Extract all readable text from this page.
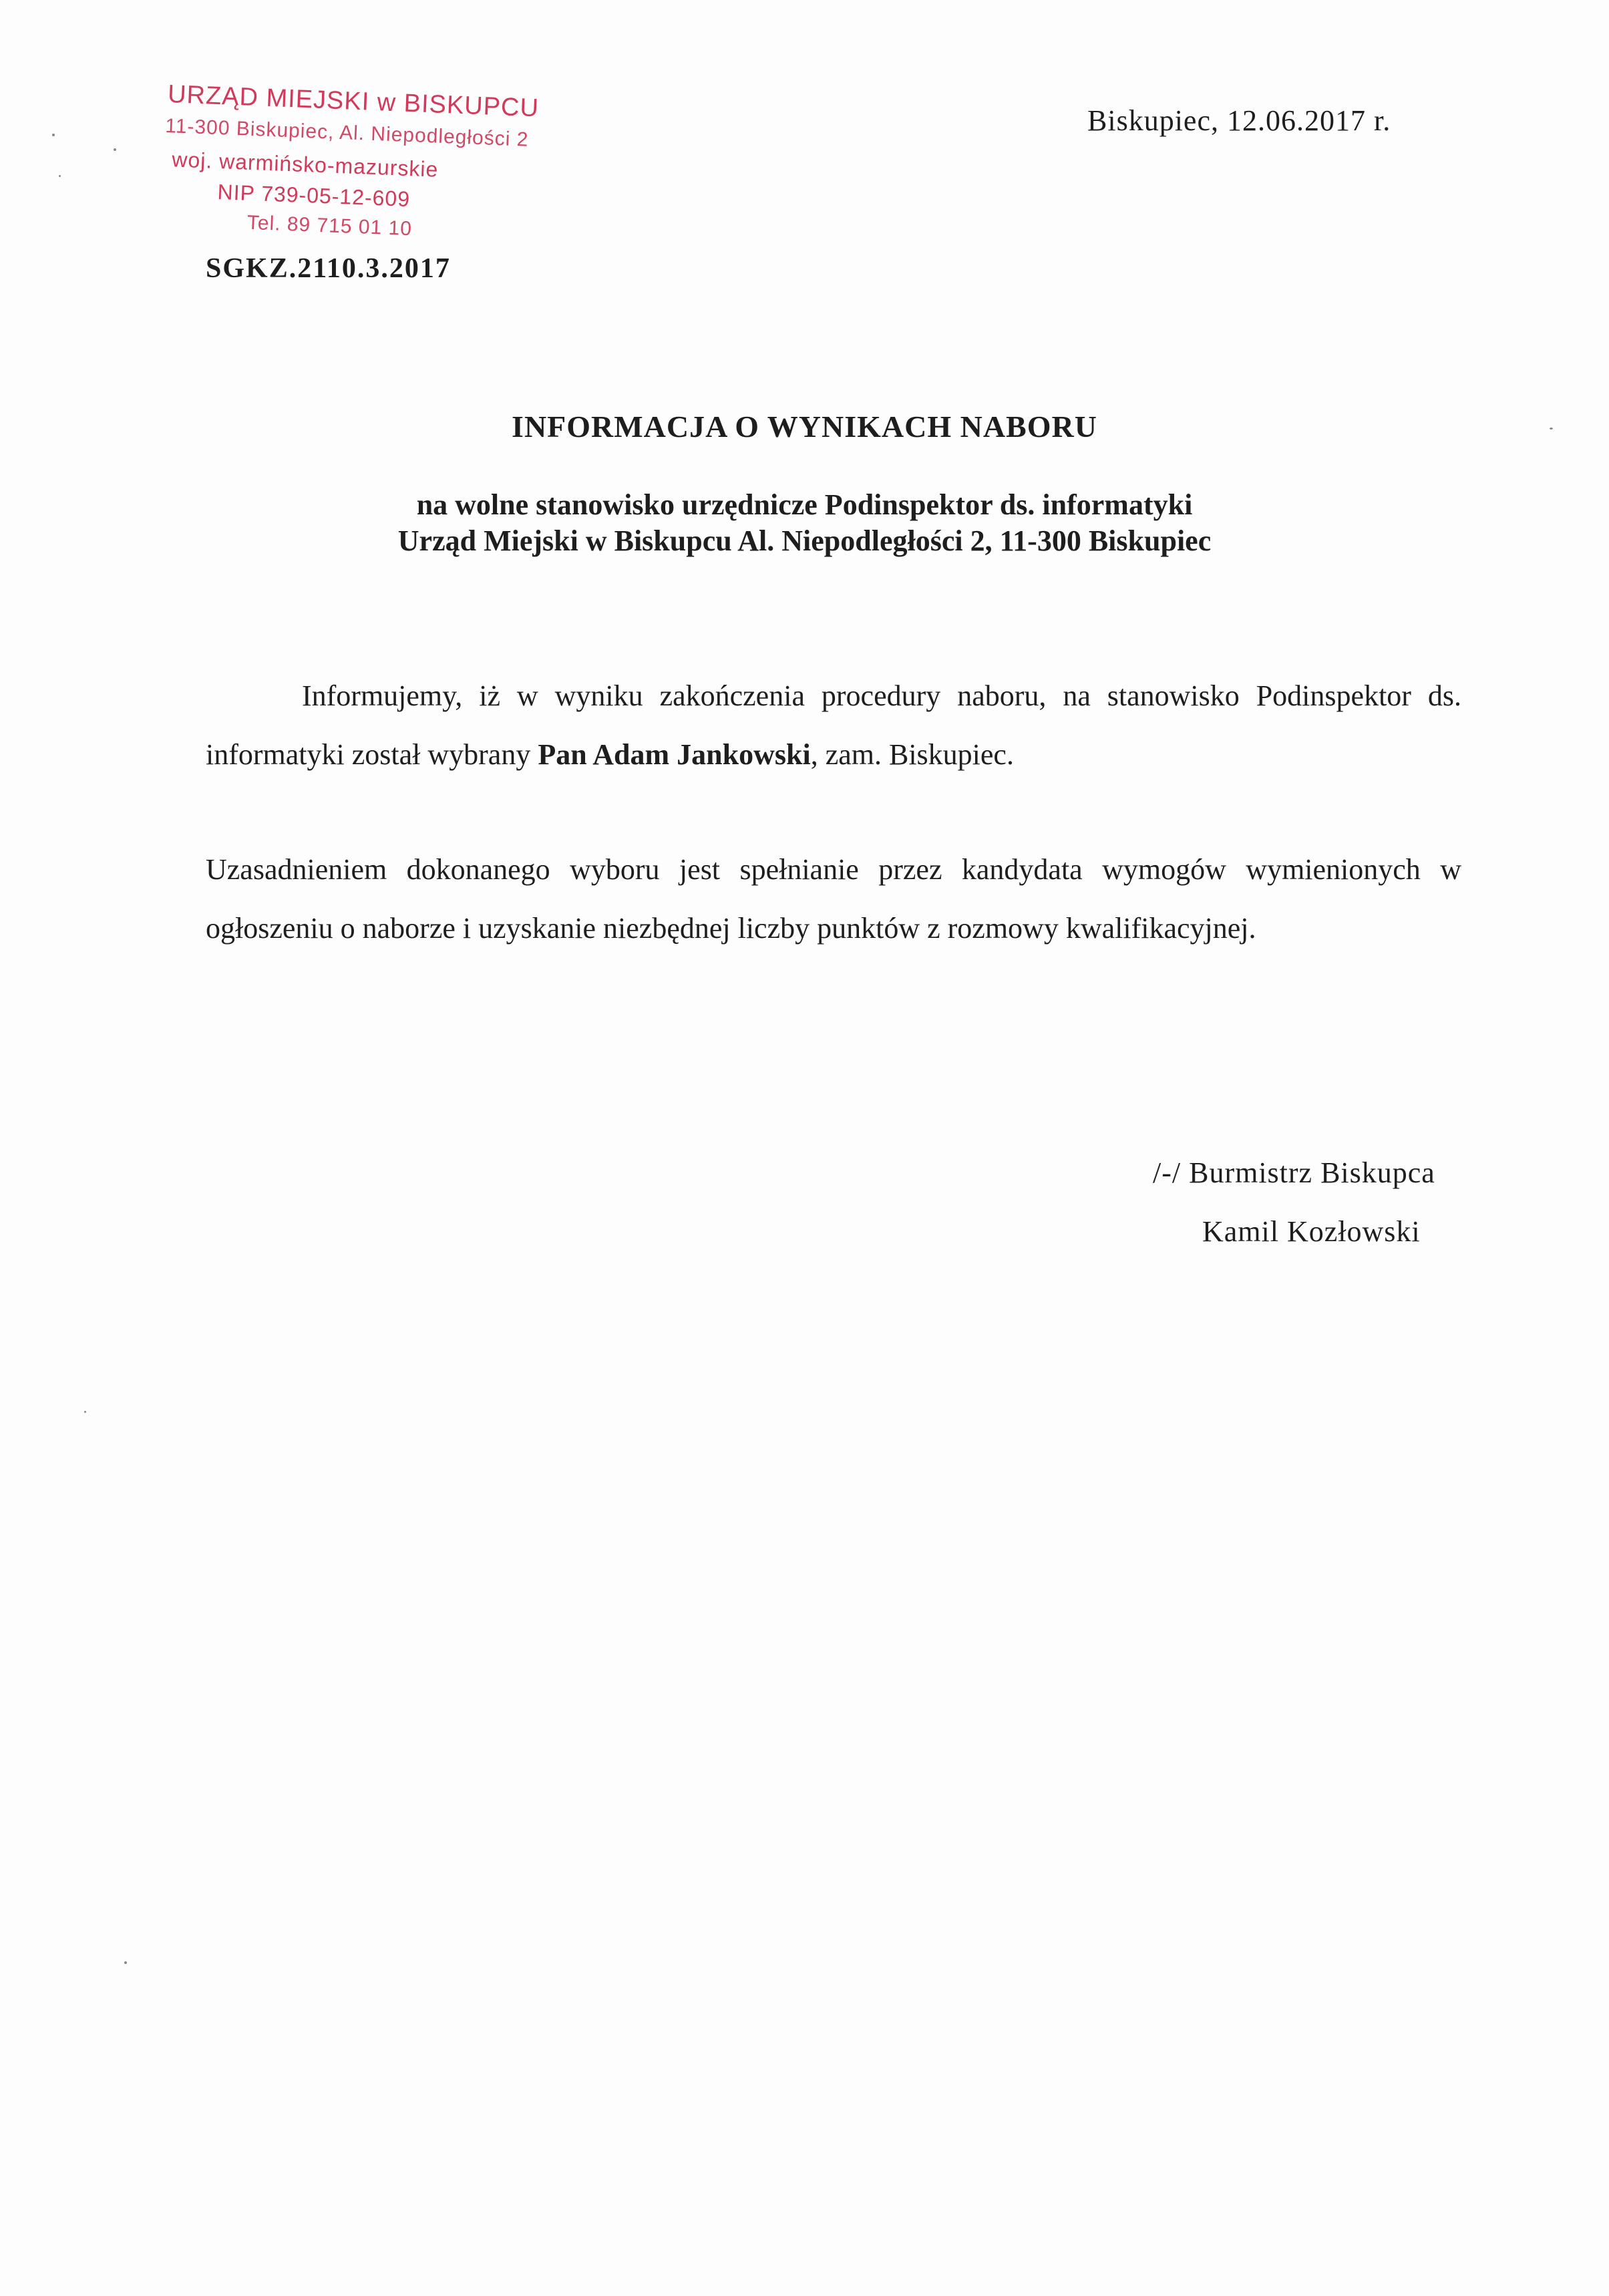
URZĄD MIEJSKI w BISKUPCU
11-300 Biskupiec, Al. Niepodległości 2
woj. warmińsko-mazurskie
NIP 739-05-12-609
Tel. 89 715 01 10
SGKZ.2110.3.2017
Biskupiec, 12.06.2017 r.
INFORMACJA O WYNIKACH NABORU
na wolne stanowisko urzędnicze Podinspektor ds. informatyki
Urząd Miejski w Biskupcu Al. Niepodległości 2, 11-300 Biskupiec
Informujemy, iż w wyniku zakończenia procedury naboru, na stanowisko Podinspektor ds. informatyki został wybrany Pan Adam Jankowski, zam. Biskupiec.
Uzasadnieniem dokonanego wyboru jest spełnianie przez kandydata wymogów wymienionych w ogłoszeniu o naborze i uzyskanie niezbędnej liczby punktów z rozmowy kwalifikacyjnej.
/-/ Burmistrz Biskupca
Kamil Kozłowski
